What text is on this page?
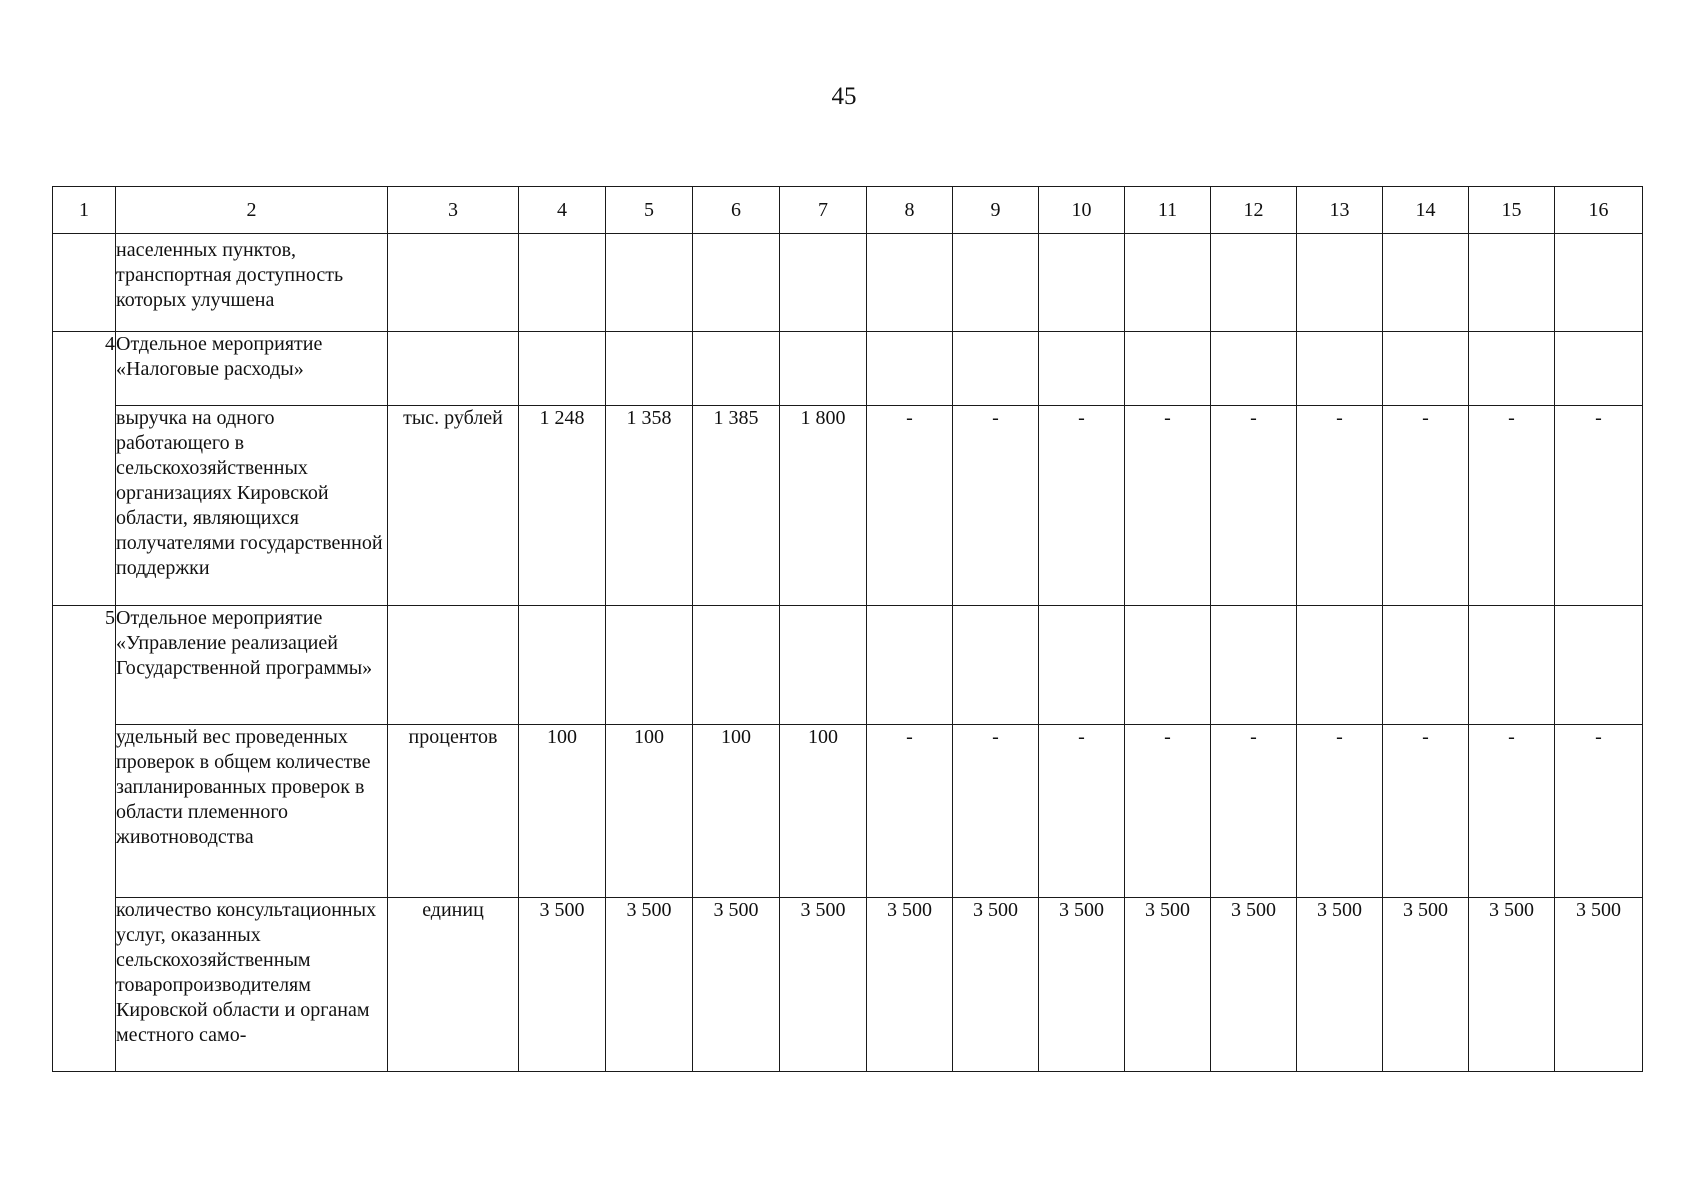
45
1	2	3	4	5	6	7	8	9	10	11	12	13	14	15	16
	населенных пунктов, транспортная доступность которых улучшена														
4	Отдельное мероприятие «Налоговые расходы»														
	выручка на одного работающего в сельскохозяйственных организациях Кировской области, являющихся получателями государственной поддержки	тыс. рублей	1 248	1 358	1 385	1 800	-	-	-	-	-	-	-	-	-
5	Отдельное мероприятие «Управление реализацией Государственной программы»														
	удельный вес проведенных проверок в общем количестве запланированных проверок в области племенного животноводства	процентов	100	100	100	100	-	-	-	-	-	-	-	-	-
	количество консультационных услуг, оказанных сельскохозяйственным товаропроизводителям Кировской области и органам местного само-	единиц	3 500	3 500	3 500	3 500	3 500	3 500	3 500	3 500	3 500	3 500	3 500	3 500	3 500
